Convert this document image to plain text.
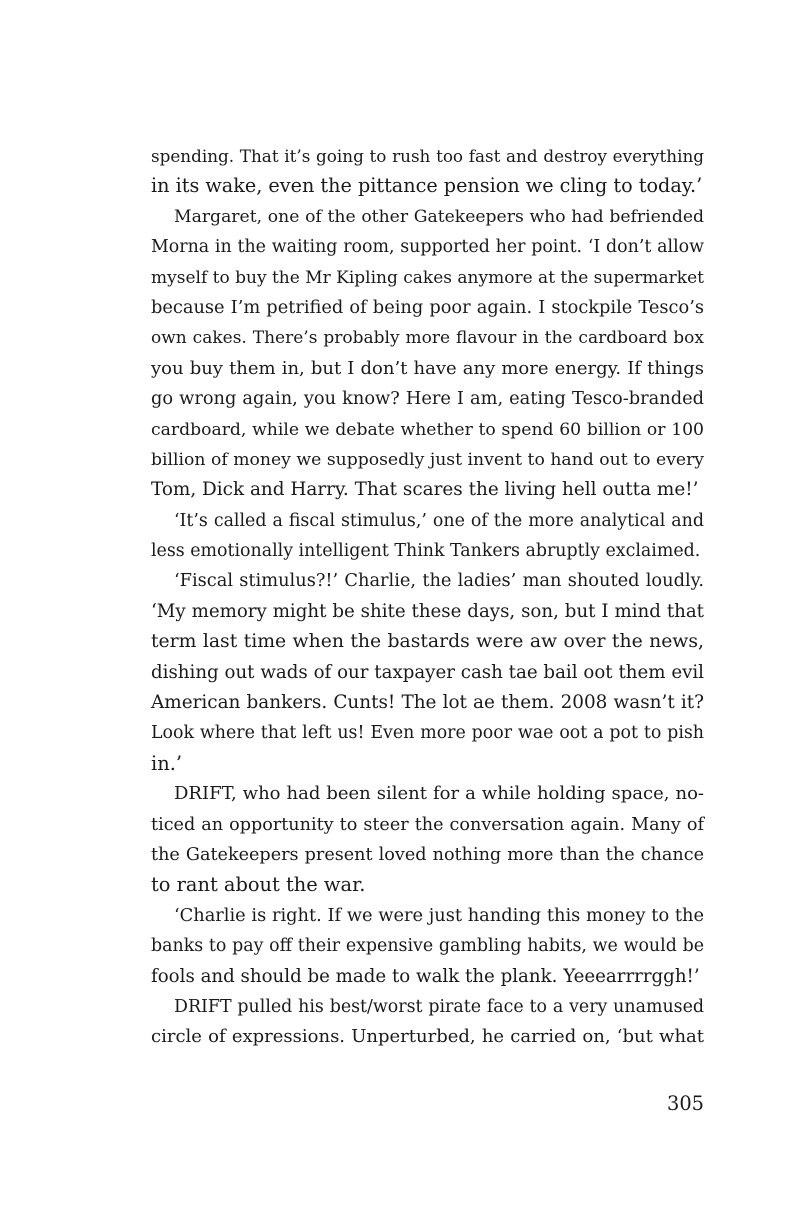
spending. That it’s going to rush too fast and destroy everything
in its wake, even the pittance pension we cling to today.’
Margaret, one of the other Gatekeepers who had befriended
Morna in the waiting room, supported her point. ‘I don’t allow
myself to buy the Mr Kipling cakes anymore at the supermarket
because I’m petrified of being poor again. I stockpile Tesco’s
own cakes. There’s probably more flavour in the cardboard box
you buy them in, but I don’t have any more energy. If things
go wrong again, you know? Here I am, eating Tesco-branded
cardboard, while we debate whether to spend 60 billion or 100
billion of money we supposedly just invent to hand out to every
Tom, Dick and Harry. That scares the living hell outta me!’
‘It’s called a fiscal stimulus,’ one of the more analytical and
less emotionally intelligent Think Tankers abruptly exclaimed.
‘Fiscal stimulus?!’ Charlie, the ladies’ man shouted loudly.
‘My memory might be shite these days, son, but I mind that
term last time when the bastards were aw over the news,
dishing out wads of our taxpayer cash tae bail oot them evil
American bankers. Cunts! The lot ae them. 2008 wasn’t it?
Look where that left us! Even more poor wae oot a pot to pish
in.’
DRIFT, who had been silent for a while holding space, no-
ticed an opportunity to steer the conversation again. Many of
the Gatekeepers present loved nothing more than the chance
to rant about the war.
‘Charlie is right. If we were just handing this money to the
banks to pay off their expensive gambling habits, we would be
fools and should be made to walk the plank. Yeeearrrrggh!’
DRIFT pulled his best/worst pirate face to a very unamused
circle of expressions. Unperturbed, he carried on, ‘but what
305
